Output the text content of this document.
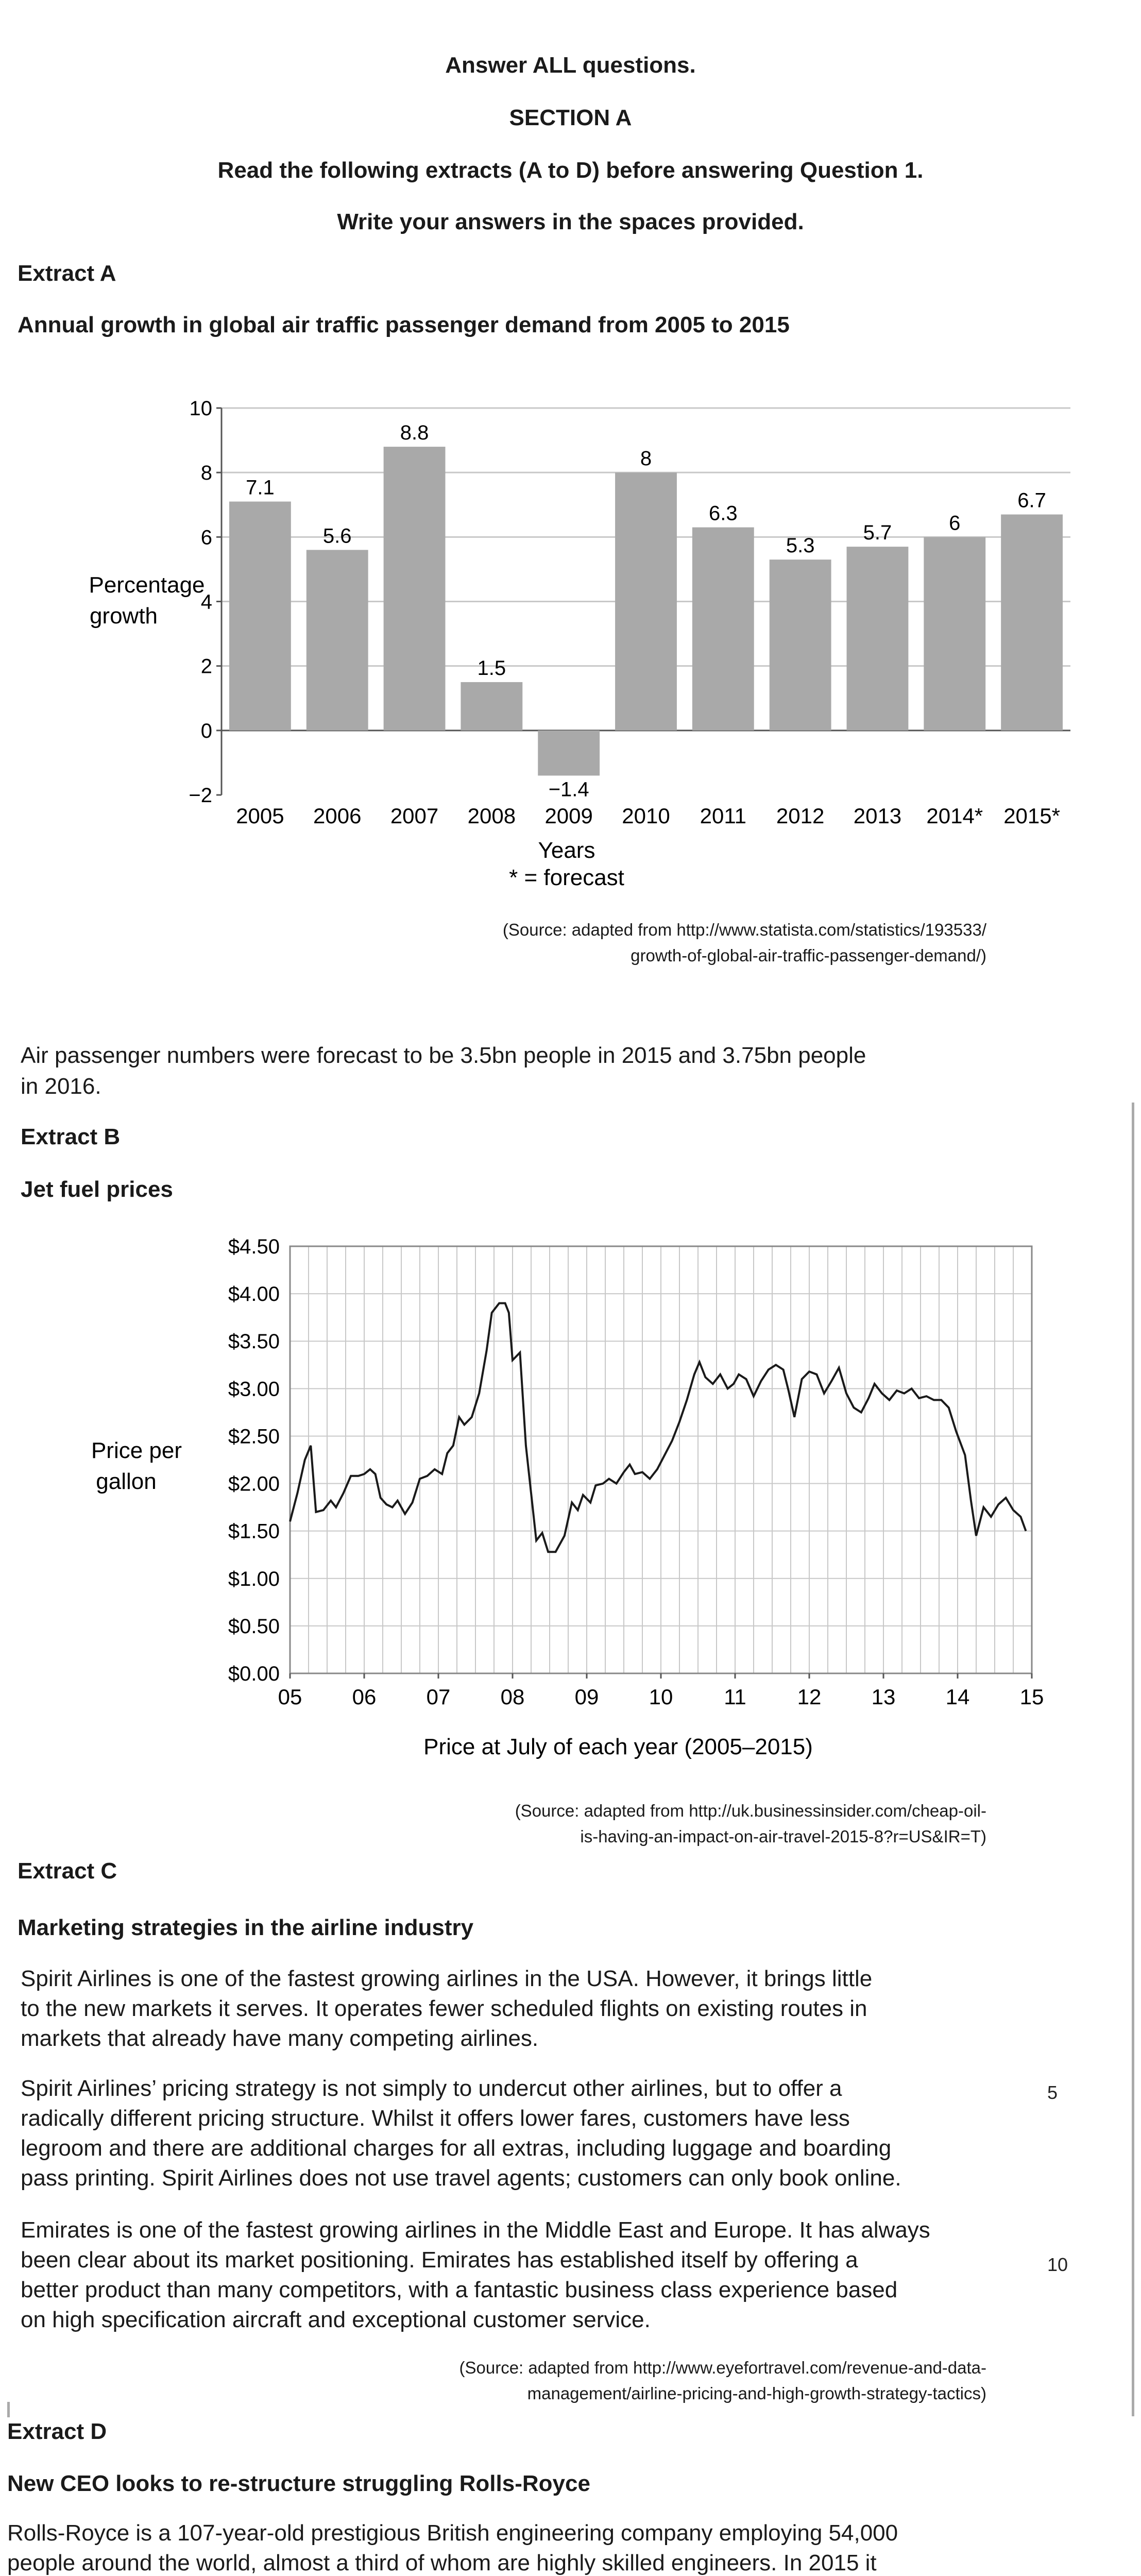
Answer ALL questions.
SECTION A
Read the following extracts (A to D) before answering Question 1.
Write your answers in the spaces provided.
Extract A
Annual growth in global air traffic passenger demand from 2005 to 2015
−2
0
2
4
6
8
10
2005 2006 2007 2008 2009 2010 2011 2012 2013 2014* 2015*
7.1
5.6
8.8
1.5
−1.4
8
6.3
5.3
5.7	6
6.7
Percentage
growth
Years
* = forecast
(Source: adapted from http://www.statista.com/statistics/193533/
growth-of-global-air-traffic-passenger-demand/)
Air passenger numbers were forecast to be 3.5bn people in 2015 and 3.75bn people
in 2016.
Extract B
Jet fuel prices
$0.00
$0.50
$1.00
$1.50
$2.00
$2.50
$3.00
$3.50
$4.00
$4.50
05 06 07 08 09 10 11 12 13 14 15
Price per
gallon
Price at July of each year (2005–2015)
(Source: adapted from http://uk.businessinsider.com/cheap-oil-
is-having-an-impact-on-air-travel-2015-8?r=US&IR=T)
Extract C
Marketing strategies in the airline industry
Spirit Airlines is one of the fastest growing airlines in the USA. However, it brings little
to the new markets it serves. It operates fewer scheduled flights on existing routes in
markets that already have many competing airlines.
Spirit Airlines’ pricing strategy is not simply to undercut other airlines, but to offer a
radically different pricing structure. Whilst it offers lower fares, customers have less
legroom and there are additional charges for all extras, including luggage and boarding
pass printing. Spirit Airlines does not use travel agents; customers can only book online.
Emirates is one of the fastest growing airlines in the Middle East and Europe. It has always
been clear about its market positioning. Emirates has established itself by offering a
better product than many competitors, with a fantastic business class experience based
on high specification aircraft and exceptional customer service.
5
10
(Source: adapted from http://www.eyefortravel.com/revenue-and-data-
management/airline-pricing-and-high-growth-strategy-tactics)
Extract D
New CEO looks to re-structure struggling Rolls-Royce
Rolls-Royce is a 107-year-old prestigious British engineering company employing 54,000
people around the world, almost a third of whom are highly skilled engineers. In 2015 it
